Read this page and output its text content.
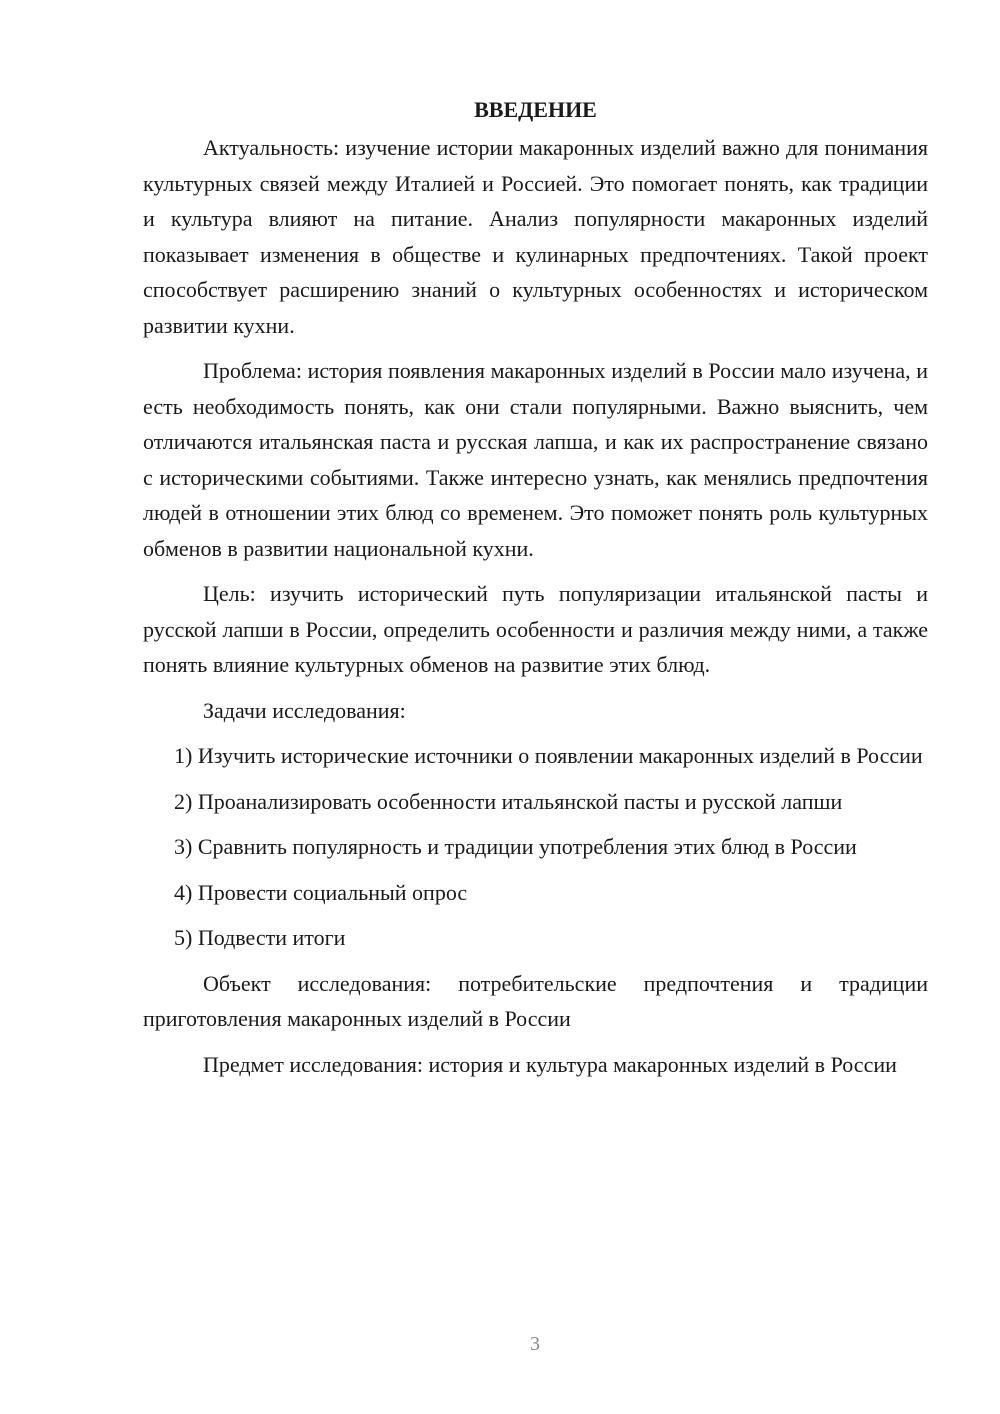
ВВЕДЕНИЕ

Актуальность: изучение истории макаронных изделий важно для понимания культурных связей между Италией и Россией. Это помогает понять, как традиции и культура влияют на питание. Анализ популярности макаронных изделий показывает изменения в обществе и кулинарных предпочтениях. Такой проект способствует расширению знаний о культурных особенностях и историческом развитии кухни.

Проблема: история появления макаронных изделий в России мало изучена, и есть необходимость понять, как они стали популярными. Важно выяснить, чем отличаются итальянская паста и русская лапша, и как их распространение связано с историческими событиями. Также интересно узнать, как менялись предпочтения людей в отношении этих блюд со временем. Это поможет понять роль культурных обменов в развитии национальной кухни.

Цель: изучить исторический путь популяризации итальянской пасты и русской лапши в России, определить особенности и различия между ними, а также понять влияние культурных обменов на развитие этих блюд.

Задачи исследования:

1) Изучить исторические источники о появлении макаронных изделий в России

2) Проанализировать особенности итальянской пасты и русской лапши

3) Сравнить популярность и традиции употребления этих блюд в России

4) Провести социальный опрос

5) Подвести итоги

Объект исследования: потребительские предпочтения и традиции приготовления макаронных изделий в России

Предмет исследования: история и культура макаронных изделий в России

3
